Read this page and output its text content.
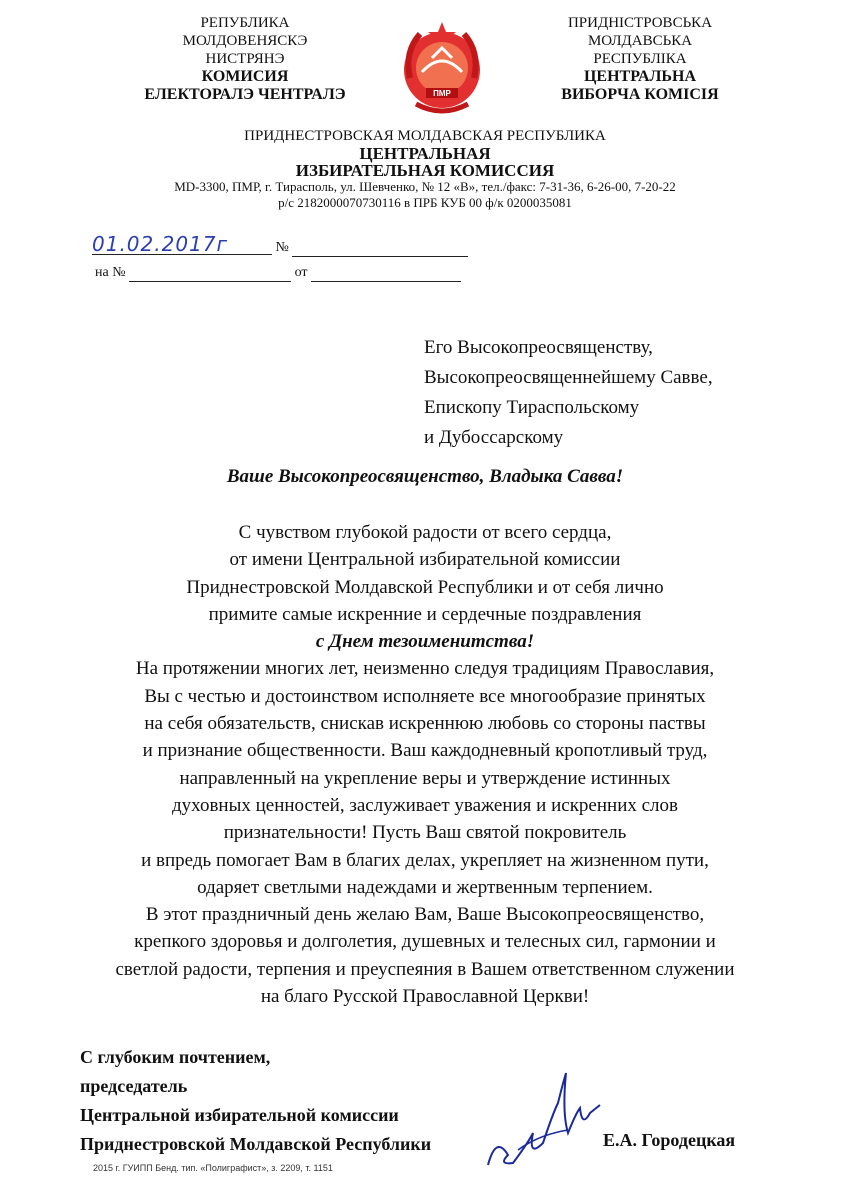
РЕПУБЛИКА
МОЛДОВЕНЯСКЭ
НИСТРЯНЭ
КОМИСИЯ
ЕЛЕКТОРАЛЭ ЧЕНТРАЛЭ	ПМР
ПРИДНІСТРОВСЬКА
МОЛДАВСЬКА
РЕСПУБЛІКА
ЦЕНТРАЛЬНА
ВИБОРЧА КОМІСІЯ
ПРИДНЕСТРОВСКАЯ МОЛДАВСКАЯ РЕСПУБЛИКА
ЦЕНТРАЛЬНАЯ
ИЗБИРАТЕЛЬНАЯ КОМИССИЯ
MD-3300, ПМР, г. Тирасполь, ул. Шевченко, № 12 «В», тел./факс: 7-31-36, 6-26-00, 7-20-22
р/с 2182000070730116 в ПРБ КУБ 00 ф/к 0200035081
01.02.2017г	№
на №	от
Его Высокопреосвященству,
Высокопреосвященнейшему Савве,
Епископу Тираспольскому
и Дубоссарскому
Ваше Высокопреосвященство, Владыка Савва!
С чувством глубокой радости от всего сердца,
от имени Центральной избирательной комиссии
Приднестровской Молдавской Республики и от себя лично
примите самые искренние и сердечные поздравления
с Днем тезоименитства!
На протяжении многих лет, неизменно следуя традициям Православия,
Вы с честью и достоинством исполняете все многообразие принятых
на себя обязательств, снискав искреннюю любовь со стороны паствы
и признание общественности. Ваш каждодневный кропотливый труд,
направленный на укрепление веры и утверждение истинных
духовных ценностей, заслуживает уважения и искренних слов
признательности! Пусть Ваш святой покровитель
и впредь помогает Вам в благих делах, укрепляет на жизненном пути,
одаряет светлыми надеждами и жертвенным терпением.
В этот праздничный день желаю Вам, Ваше Высокопреосвященство,
крепкого здоровья и долголетия, душевных и телесных сил, гармонии и
светлой радости, терпения и преуспеяния в Вашем ответственном служении
на благо Русской Православной Церкви!
С глубоким почтением,
председатель
Центральной избирательной комиссии
Приднестровской Молдавской Республики	Е.А. Городецкая
2015 г. ГУИПП Бенд. тип. «Полиграфист», з. 2209, т. 1151
